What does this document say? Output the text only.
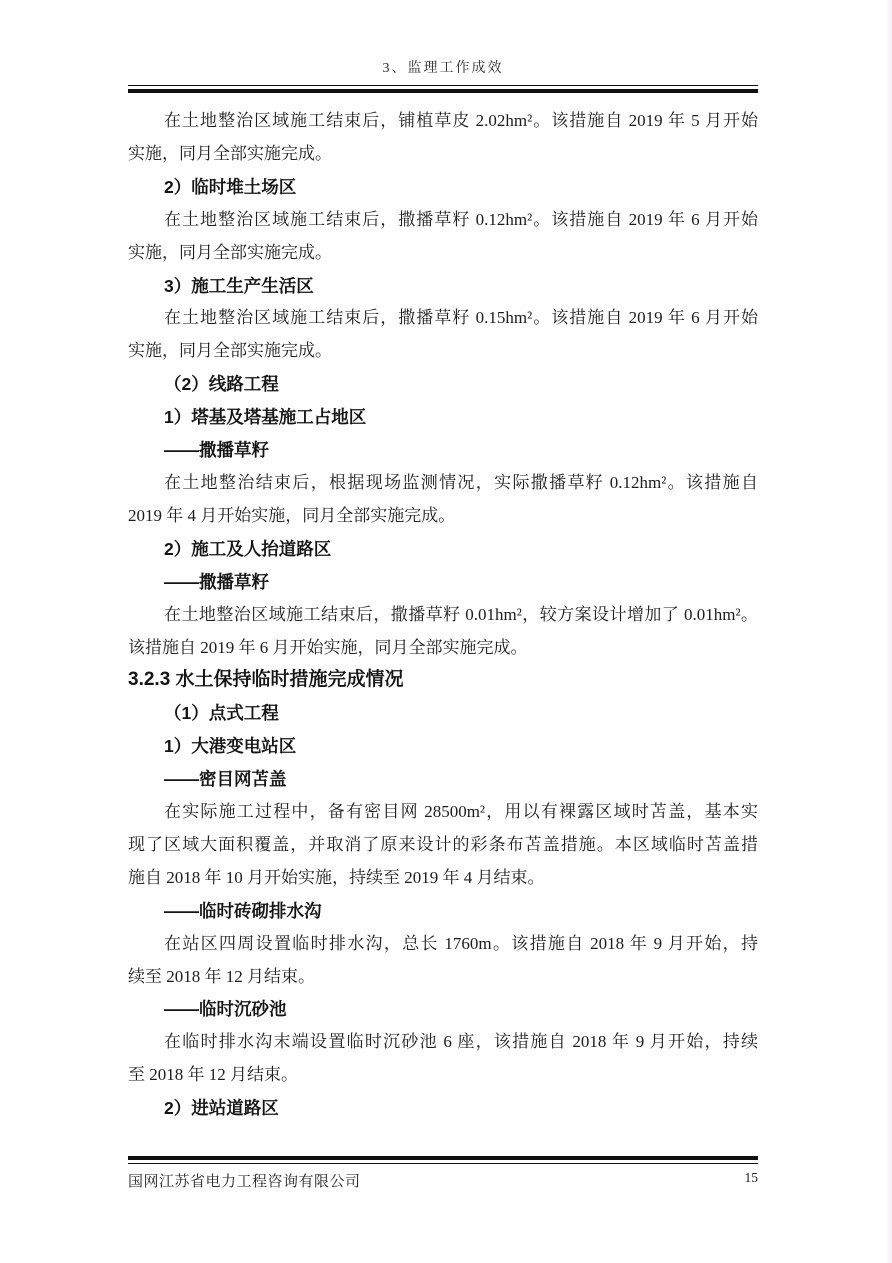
3、监理工作成效
在土地整治区域施工结束后，铺植草皮 2.02hm²。该措施自 2019 年 5 月开始
实施，同月全部实施完成。
2）临时堆土场区
在土地整治区域施工结束后，撒播草籽 0.12hm²。该措施自 2019 年 6 月开始
实施，同月全部实施完成。
3）施工生产生活区
在土地整治区域施工结束后，撒播草籽 0.15hm²。该措施自 2019 年 6 月开始
实施，同月全部实施完成。
（2）线路工程
1）塔基及塔基施工占地区
——撒播草籽
在土地整治结束后，根据现场监测情况，实际撒播草籽 0.12hm²。该措施自
2019 年 4 月开始实施，同月全部实施完成。
2）施工及人抬道路区
——撒播草籽
在土地整治区域施工结束后，撒播草籽 0.01hm²，较方案设计增加了 0.01hm²。
该措施自 2019 年 6 月开始实施，同月全部实施完成。
3.2.3 水土保持临时措施完成情况
（1）点式工程
1）大港变电站区
——密目网苫盖
在实际施工过程中，备有密目网 28500m²，用以有裸露区域时苫盖，基本实
现了区域大面积覆盖，并取消了原来设计的彩条布苫盖措施。本区域临时苫盖措
施自 2018 年 10 月开始实施，持续至 2019 年 4 月结束。
——临时砖砌排水沟
在站区四周设置临时排水沟，总长 1760m。该措施自 2018 年 9 月开始，持
续至 2018 年 12 月结束。
——临时沉砂池
在临时排水沟末端设置临时沉砂池 6 座，该措施自 2018 年 9 月开始，持续
至 2018 年 12 月结束。
2）进站道路区
国网江苏省电力工程咨询有限公司	15
